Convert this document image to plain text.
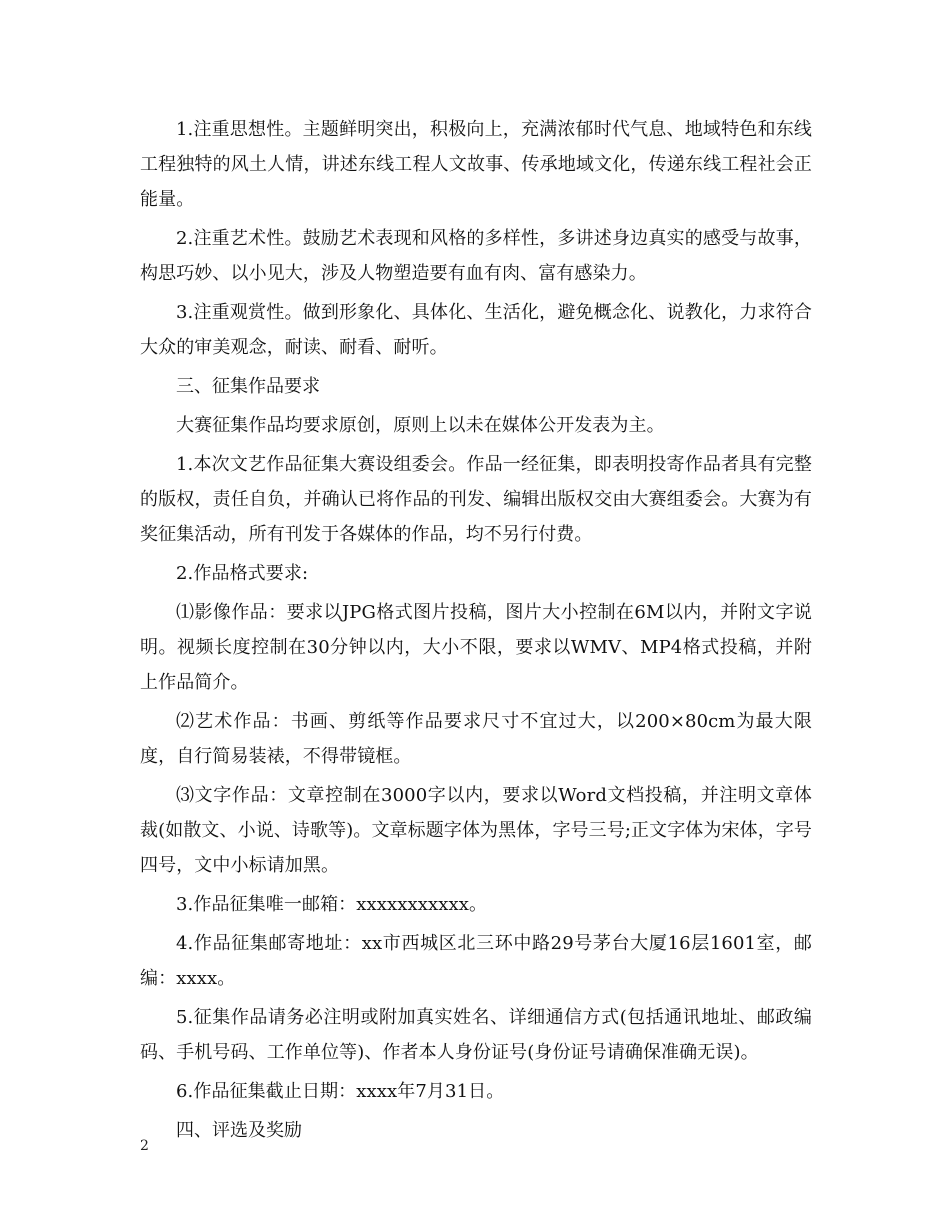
1.注重思想性。主题鲜明突出，积极向上，充满浓郁时代气息、地域特色和东线工程独特的风土人情，讲述东线工程人文故事、传承地域文化，传递东线工程社会正能量。

2.注重艺术性。鼓励艺术表现和风格的多样性，多讲述身边真实的感受与故事，构思巧妙、以小见大，涉及人物塑造要有血有肉、富有感染力。

3.注重观赏性。做到形象化、具体化、生活化，避免概念化、说教化，力求符合大众的审美观念，耐读、耐看、耐听。

三、征集作品要求

大赛征集作品均要求原创，原则上以未在媒体公开发表为主。

1.本次文艺作品征集大赛设组委会。作品一经征集，即表明投寄作品者具有完整的版权，责任自负，并确认已将作品的刊发、编辑出版权交由大赛组委会。大赛为有奖征集活动，所有刊发于各媒体的作品，均不另行付费。

2.作品格式要求:

⑴影像作品：要求以JPG格式图片投稿，图片大小控制在6M以内，并附文字说明。视频长度控制在30分钟以内，大小不限，要求以WMV、MP4格式投稿，并附上作品简介。

⑵艺术作品：书画、剪纸等作品要求尺寸不宜过大，以200×80cm为最大限度，自行简易装裱，不得带镜框。

⑶文字作品：文章控制在3000字以内，要求以Word文档投稿，并注明文章体裁(如散文、小说、诗歌等)。文章标题字体为黑体，字号三号;正文字体为宋体，字号四号，文中小标请加黑。

3.作品征集唯一邮箱：xxxxxxxxxxx。

4.作品征集邮寄地址：xx市西城区北三环中路29号茅台大厦16层1601室，邮编：xxxx。

5.征集作品请务必注明或附加真实姓名、详细通信方式(包括通讯地址、邮政编码、手机号码、工作单位等)、作者本人身份证号(身份证号请确保准确无误)。

6.作品征集截止日期：xxxx年7月31日。

四、评选及奖励

2
